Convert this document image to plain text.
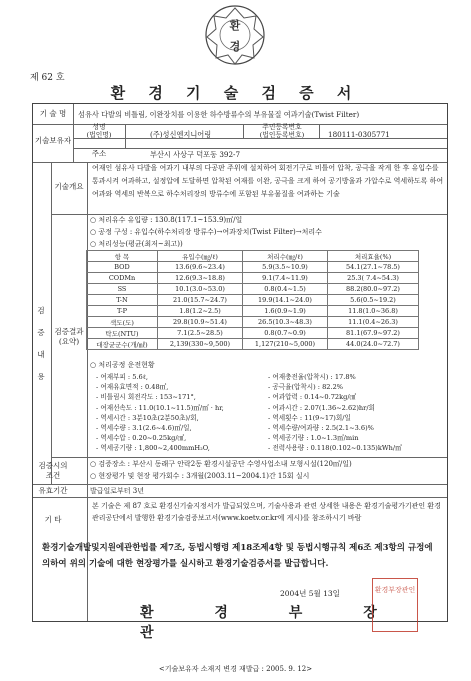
환
경
제 62 호
환 경 기 술 검 증 서
기 술 명	섬유사 다발의 비틀림, 이완장치를 이용한 하수방류수의 부유물질 여과기술(Twist Filter)
기술보유자
성명
(법인명)	(주)성신엔지니어링
주민등록번호
(법인등록번호)	180111-0305771
주소	부산시 사상구 덕포동 392-7
기술개요
여재인 섬유사 다발을 여과기 내부의 다공판 주위에 설치하여 회전기구로 비틀어 압착, 공극을 작게 한 후 유입수를 통과시켜 여과하고, 설정압에 도달하면 압착된 여재를 이완, 공극을 크게 하여 공기방울과 가압수로 역세하도록 하여 여과와 역세의 반복으로 하수처리장의 방류수에 포함된 부유물질을 여과하는 기술
검 증 내 용
검증결과
(요약)
○ 처리유수 유입량 : 130.8(117.1~153.9)㎥/일
○ 공정 구성 : 유입수(하수처리장 방류수)→여과장치(Twist Filter)→처리수
○ 처리성능(평균(최저~최고))
항 목	유입수(㎎/ℓ)	처리수(㎎/ℓ)	처리효율(%)
BOD	13.6(9.6~23.4)	5.9(3.5~10.9)	54.1(27.1~78.5)
CODMn	12.6(9.3~18.8)	9.1(7.4~11.9)	25.3( 7.4~54.3)
SS	10.1(3.0~53.0)	0.8(0.4~1.5)	88.2(80.0~97.2)
T-N	21.0(15.7~24.7)	19.9(14.1~24.0)	5.6(0.5~19.2)
T-P	1.8(1.2~2.5)	1.6(0.9~1.9)	11.8(1.0~36.8)
색도(도)	29.8(10.9~51.4)	26.5(10.3~48.3)	11.1(0.4~26.3)
탁도(NTU)	7.1(2.5~28.5)	0.8(0.7~0.9)	81.1(67.9~97.2)
대장균군수(개/㎖)	2,139(330~9,500)	1,127(210~5,000)	44.0(24.0~72.7)
○ 처리공정 운전현황
- 여재부피 : 5.6ℓ,
- 여재유효면적 : 0.48㎡,
- 비틀림시 회전각도 : 153~171°,
- 여재선속도 : 11.0(10.1~11.5)㎥/㎡ · hr,
- 역세시간 : 3분10초(2분50초)/회,
- 역세수량 : 3.1(2.6~4.6)㎥/일,
- 역세수압 : 0.20~0.25kg/㎠,
- 역세공기량 : 1,800~2,400mmH₂O,
- 여재충전율(압착시) : 17.8%
- 공극율(압착시) : 82.2%
- 여과압력 : 0.14~0.72kg/㎠
- 여과시간 : 2.07(1.36~2.62)hr/회
- 역세횟수 : 11(9~17)회/일
- 역세수량/여과량 : 2.5(2.1~3.6)%
- 역세공기량 : 1.0~1.3㎥/min
- 전력사용량 : 0.118(0.102~0.135)kWh/㎥
검증시의
조건
○ 검증장소 : 부산시 동래구 안락2동 환경시설공단 수영사업소내 모형시설(120㎥/일)
○ 현장평가 및 현장 평가회수 : 3개월(2003.11~2004.1)간 15회 실시
유효기간	발급일로부터 3년
기 타
본 기술은 제 87 호로 환경신기술지정서가 발급되었으며, 기술사용과 관련 상세한 내용은 환경기술평가기관인 환경관리공단에서 발행한 환경기술검증보고서(www.koetv.or.kr에 게시)를 참조하시기 바람
환경기술개발및지원에관한법률 제7조, 동법시행령 제18조제4항 및 동법시행규칙 제6조 제3항의 규정에 의하여 위의 기술에 대한 현장평가를 실시하고 환경기술검증서를 발급합니다.
2004년 5월 13일
환 경 부 장 관
환경부장관인
<기술보유자 소재지 변경 재발급 : 2005. 9. 12>
